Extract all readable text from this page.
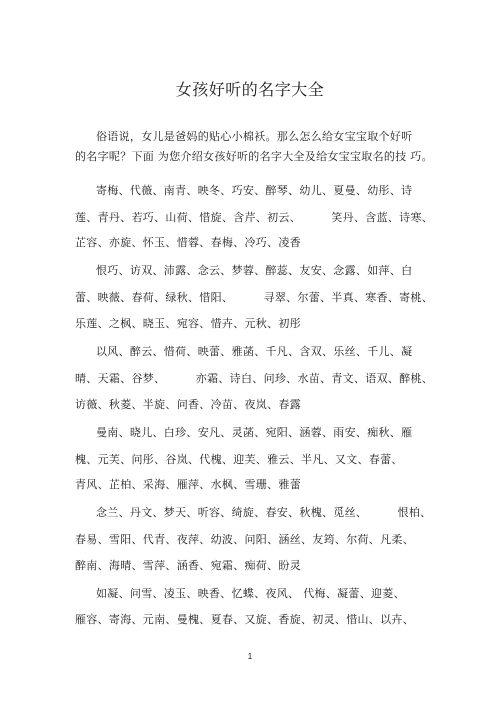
女孩好听的名字大全
俗语说，女儿是爸妈的贴心小棉袄。那么怎么给女宝宝取个好听
的名字呢？下面 为您介绍女孩好听的名字大全及给女宝宝取名的技 巧。
寄梅、代薇、南青、映冬、巧安、醉琴、幼儿、夏曼、幼彤、诗
莲、青丹、若巧、山荷、惜旋、含芹、初云、        笑丹、含蓝、诗寒、
芷容、亦旋、怀玉、惜蓉、春梅、冷巧、凌香
恨巧、访双、沛露、念云、梦蓉、醉蕊、友安、念露、如萍、白
蕾、映薇、春荷、绿秋、惜阳、        寻翠、尔蕾、半真、寒香、寄桃、
乐莲、之枫、晓玉、宛容、惜卉、元秋、初彤
以风、醉云、惜荷、映蕾、雅菡、千凡、含双、乐丝、千儿、凝
晴、天霜、谷梦、        亦霜、诗白、问珍、水苗、青文、语双、醉桃、
访薇、秋菱、半旋、问香、冷苗、夜岚、春露
曼南、晓儿、白珍、安凡、灵菡、宛阳、涵蓉、雨安、痴秋、雁
槐、元芙、问彤、谷岚、代槐、迎芙、雅云、半凡、又文、春蕾、
青风、芷柏、采海、雁萍、水枫、雪珊、雅蕾
念兰、丹文、梦天、听容、绮旋、春安、秋槐、觅丝、        恨柏、
春易、雪阳、代青、夜萍、幼波、问阳、涵丝、友筠、尔荷、凡柔、
醉南、海晴、雪萍、涵香、宛霜、痴荷、盼灵
如凝、问雪、凌玉、映香、忆蝶、夜风、 代梅、凝蕾、迎菱、
雁容、寄海、元南、曼槐、夏春、又旋、香旋、初灵、惜山、以卉、
1
